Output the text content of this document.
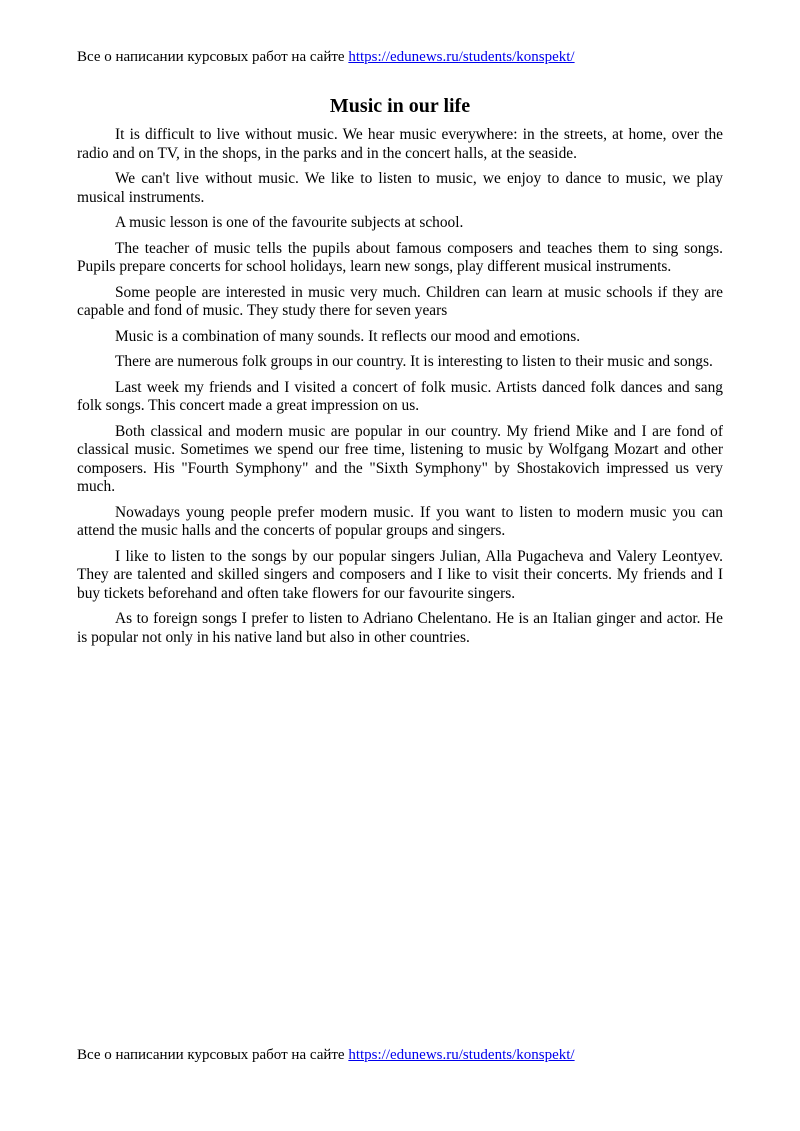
Все о написании курсовых работ на сайте https://edunews.ru/students/konspekt/
Music in our life

It is difficult to live without music. We hear music everywhere: in the streets, at home, over the radio and on TV, in the shops, in the parks and in the concert halls, at the seaside.

We can't live without music. We like to listen to music, we enjoy to dance to music, we play musical instruments.

A music lesson is one of the favourite subjects at school.

The teacher of music tells the pupils about famous composers and teaches them to sing songs. Pupils prepare concerts for school holidays, learn new songs, play different musical instruments.

Some people are interested in music very much. Children can learn at music schools if they are capable and fond of music. They study there for seven years

Music is a combination of many sounds. It reflects our mood and emotions.

There are numerous folk groups in our country. It is interesting to listen to their music and songs.

Last week my friends and I visited a concert of folk music. Artists danced folk dances and sang folk songs. This concert made a great impression on us.

Both classical and modern music are popular in our country. My friend Mike and I are fond of classical music. Sometimes we spend our free time, listening to music by Wolfgang Mozart and other composers. His "Fourth Symphony" and the "Sixth Symphony" by Shostakovich impressed us very much.

Nowadays young people prefer modern music. If you want to listen to modern music you can attend the music halls and the concerts of popular groups and singers.

I like to listen to the songs by our popular singers Julian, Alla Pugacheva and Valery Leontyev. They are talented and skilled singers and composers and I like to visit their concerts. My friends and I buy tickets beforehand and often take flowers for our favourite singers.

As to foreign songs I prefer to listen to Adriano Chelentano. He is an Italian ginger and actor. He is popular not only in his native land but also in other countries.

Все о написании курсовых работ на сайте https://edunews.ru/students/konspekt/
